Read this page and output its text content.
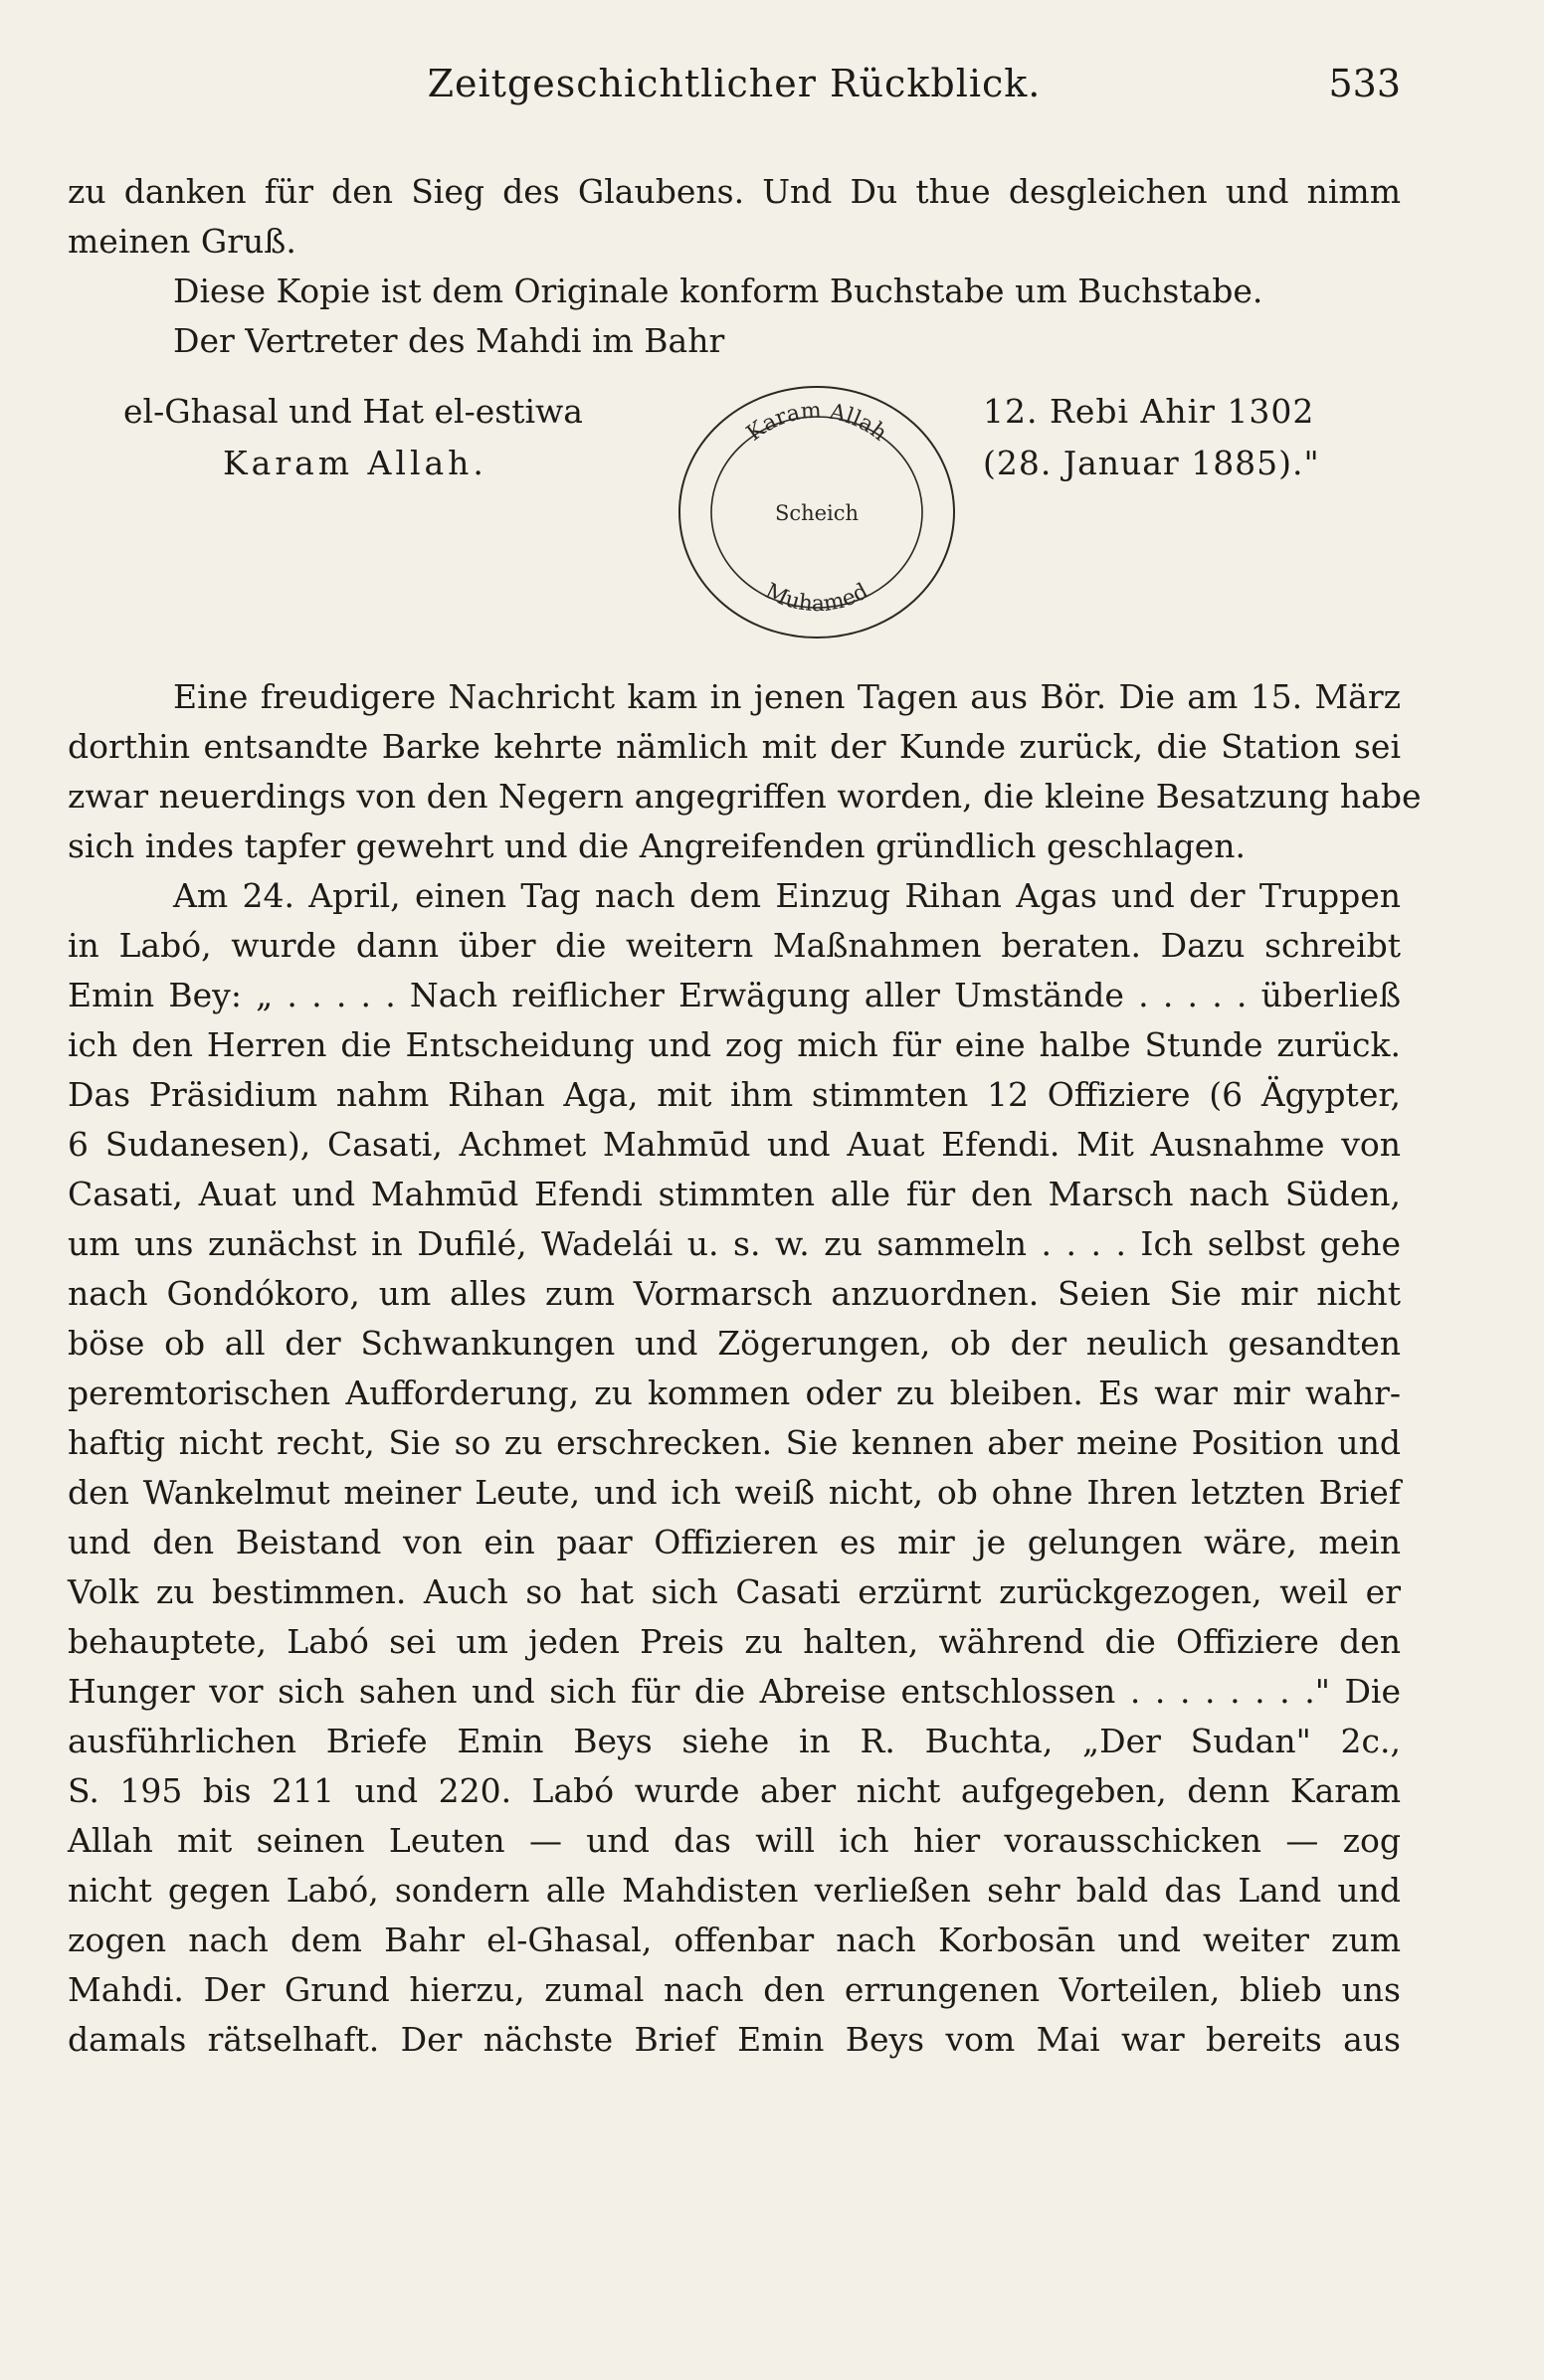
Zeitgeschichtlicher Rückblick.	533
zu danken für den Sieg des Glaubens. Und Du thue desgleichen und nimm
meinen Gruß.
Diese Kopie ist dem Originale konform Buchstabe um Buchstabe.
Der Vertreter des Mahdi im Bahr
el-Ghasal und Hat el-estiwa
Karam Allah.
Karam Allah
Scheich
Muhamed
12. Rebi Ahir 1302
(28. Januar 1885)."
Eine freudigere Nachricht kam in jenen Tagen aus Bör. Die am 15. März
dorthin entsandte Barke kehrte nämlich mit der Kunde zurück, die Station sei
zwar neuerdings von den Negern angegriffen worden, die kleine Besatzung habe
sich indes tapfer gewehrt und die Angreifenden gründlich geschlagen.
Am 24. April, einen Tag nach dem Einzug Rihan Agas und der Truppen
in Labó, wurde dann über die weitern Maßnahmen beraten. Dazu schreibt
Emin Bey: „ . . . . . Nach reiflicher Erwägung aller Umstände . . . . . überließ
ich den Herren die Entscheidung und zog mich für eine halbe Stunde zurück.
Das Präsidium nahm Rihan Aga, mit ihm stimmten 12 Offiziere (6 Ägypter,
6 Sudanesen), Casati, Achmet Mahmūd und Auat Efendi. Mit Ausnahme von
Casati, Auat und Mahmūd Efendi stimmten alle für den Marsch nach Süden,
um uns zunächst in Dufilé, Wadelái u. s. w. zu sammeln . . . . Ich selbst gehe
nach Gondókoro, um alles zum Vormarsch anzuordnen. Seien Sie mir nicht
böse ob all der Schwankungen und Zögerungen, ob der neulich gesandten
peremtorischen Aufforderung, zu kommen oder zu bleiben. Es war mir wahr-
haftig nicht recht, Sie so zu erschrecken. Sie kennen aber meine Position und
den Wankelmut meiner Leute, und ich weiß nicht, ob ohne Ihren letzten Brief
und den Beistand von ein paar Offizieren es mir je gelungen wäre, mein
Volk zu bestimmen. Auch so hat sich Casati erzürnt zurückgezogen, weil er
behauptete, Labó sei um jeden Preis zu halten, während die Offiziere den
Hunger vor sich sahen und sich für die Abreise entschlossen . . . . . . . ." Die
ausführlichen Briefe Emin Beys siehe in R. Buchta, „Der Sudan" 2c.,
S. 195 bis 211 und 220. Labó wurde aber nicht aufgegeben, denn Karam
Allah mit seinen Leuten — und das will ich hier vorausschicken — zog
nicht gegen Labó, sondern alle Mahdisten verließen sehr bald das Land und
zogen nach dem Bahr el-Ghasal, offenbar nach Korbosān und weiter zum
Mahdi. Der Grund hierzu, zumal nach den errungenen Vorteilen, blieb uns
damals rätselhaft. Der nächste Brief Emin Beys vom Mai war bereits aus
